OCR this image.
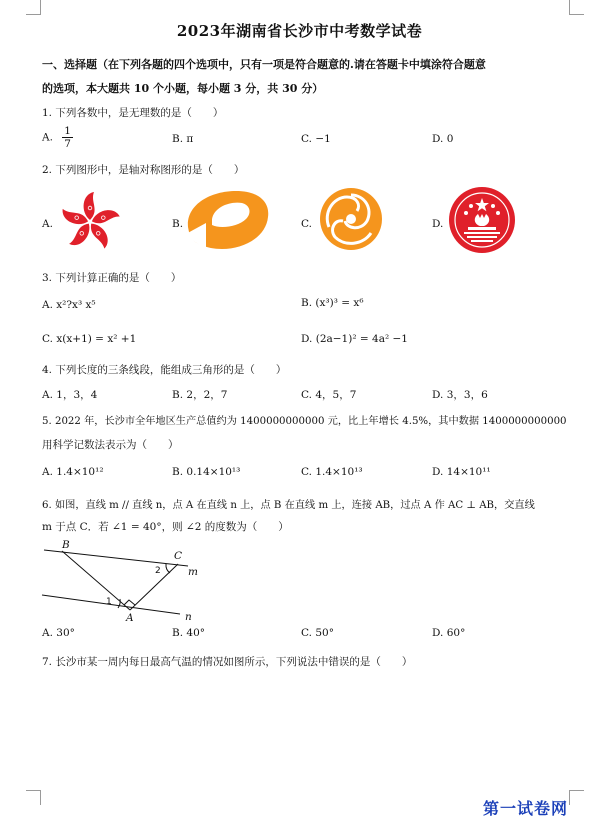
2023年湖南省长沙市中考数学试卷
一、选择题（在下列各题的四个选项中，只有一项是符合题意的.请在答题卡中填涂符合题意
的选项，本大题共 10 个小题，每小题 3 分，共 30 分）
1. 下列各数中，是无理数的是（　　）
A. $\frac{1}{7}$	B. π	C. −1	D. 0
2. 下列图形中，是轴对称图形的是（　　）
A.	B.	C.	D.
3. 下列计算正确的是（　　）
A. x²?x³ x⁵	B. (x³)³ = x⁶
C. x(x+1) = x² +1	D. (2a−1)² = 4a² −1
4. 下列长度的三条线段，能组成三角形的是（　　）
A. 1，3，4	B. 2，2，7	C. 4，5，7	D. 3，3，6
5. 2022 年，长沙市全年地区生产总值约为 1400000000000 元，比上年增长 4.5%，其中数据 1400000000000
用科学记数法表示为（　　）
A. 1.4×10¹²	B. 0.14×10¹³	C. 1.4×10¹³	D. 14×10¹¹
6. 如图，直线 m // 直线 n，点 A 在直线 n 上，点 B 在直线 m 上，连接 AB，过点 A 作 AC ⊥ AB，交直线
m 于点 C．若 ∠1 = 40°，则 ∠2 的度数为（　　）
B
C
m
A	n
1
2
A. 30°	B. 40°	C. 50°	D. 60°
7. 长沙市某一周内每日最高气温的情况如图所示，下列说法中错误的是（　　）
第一试卷网
